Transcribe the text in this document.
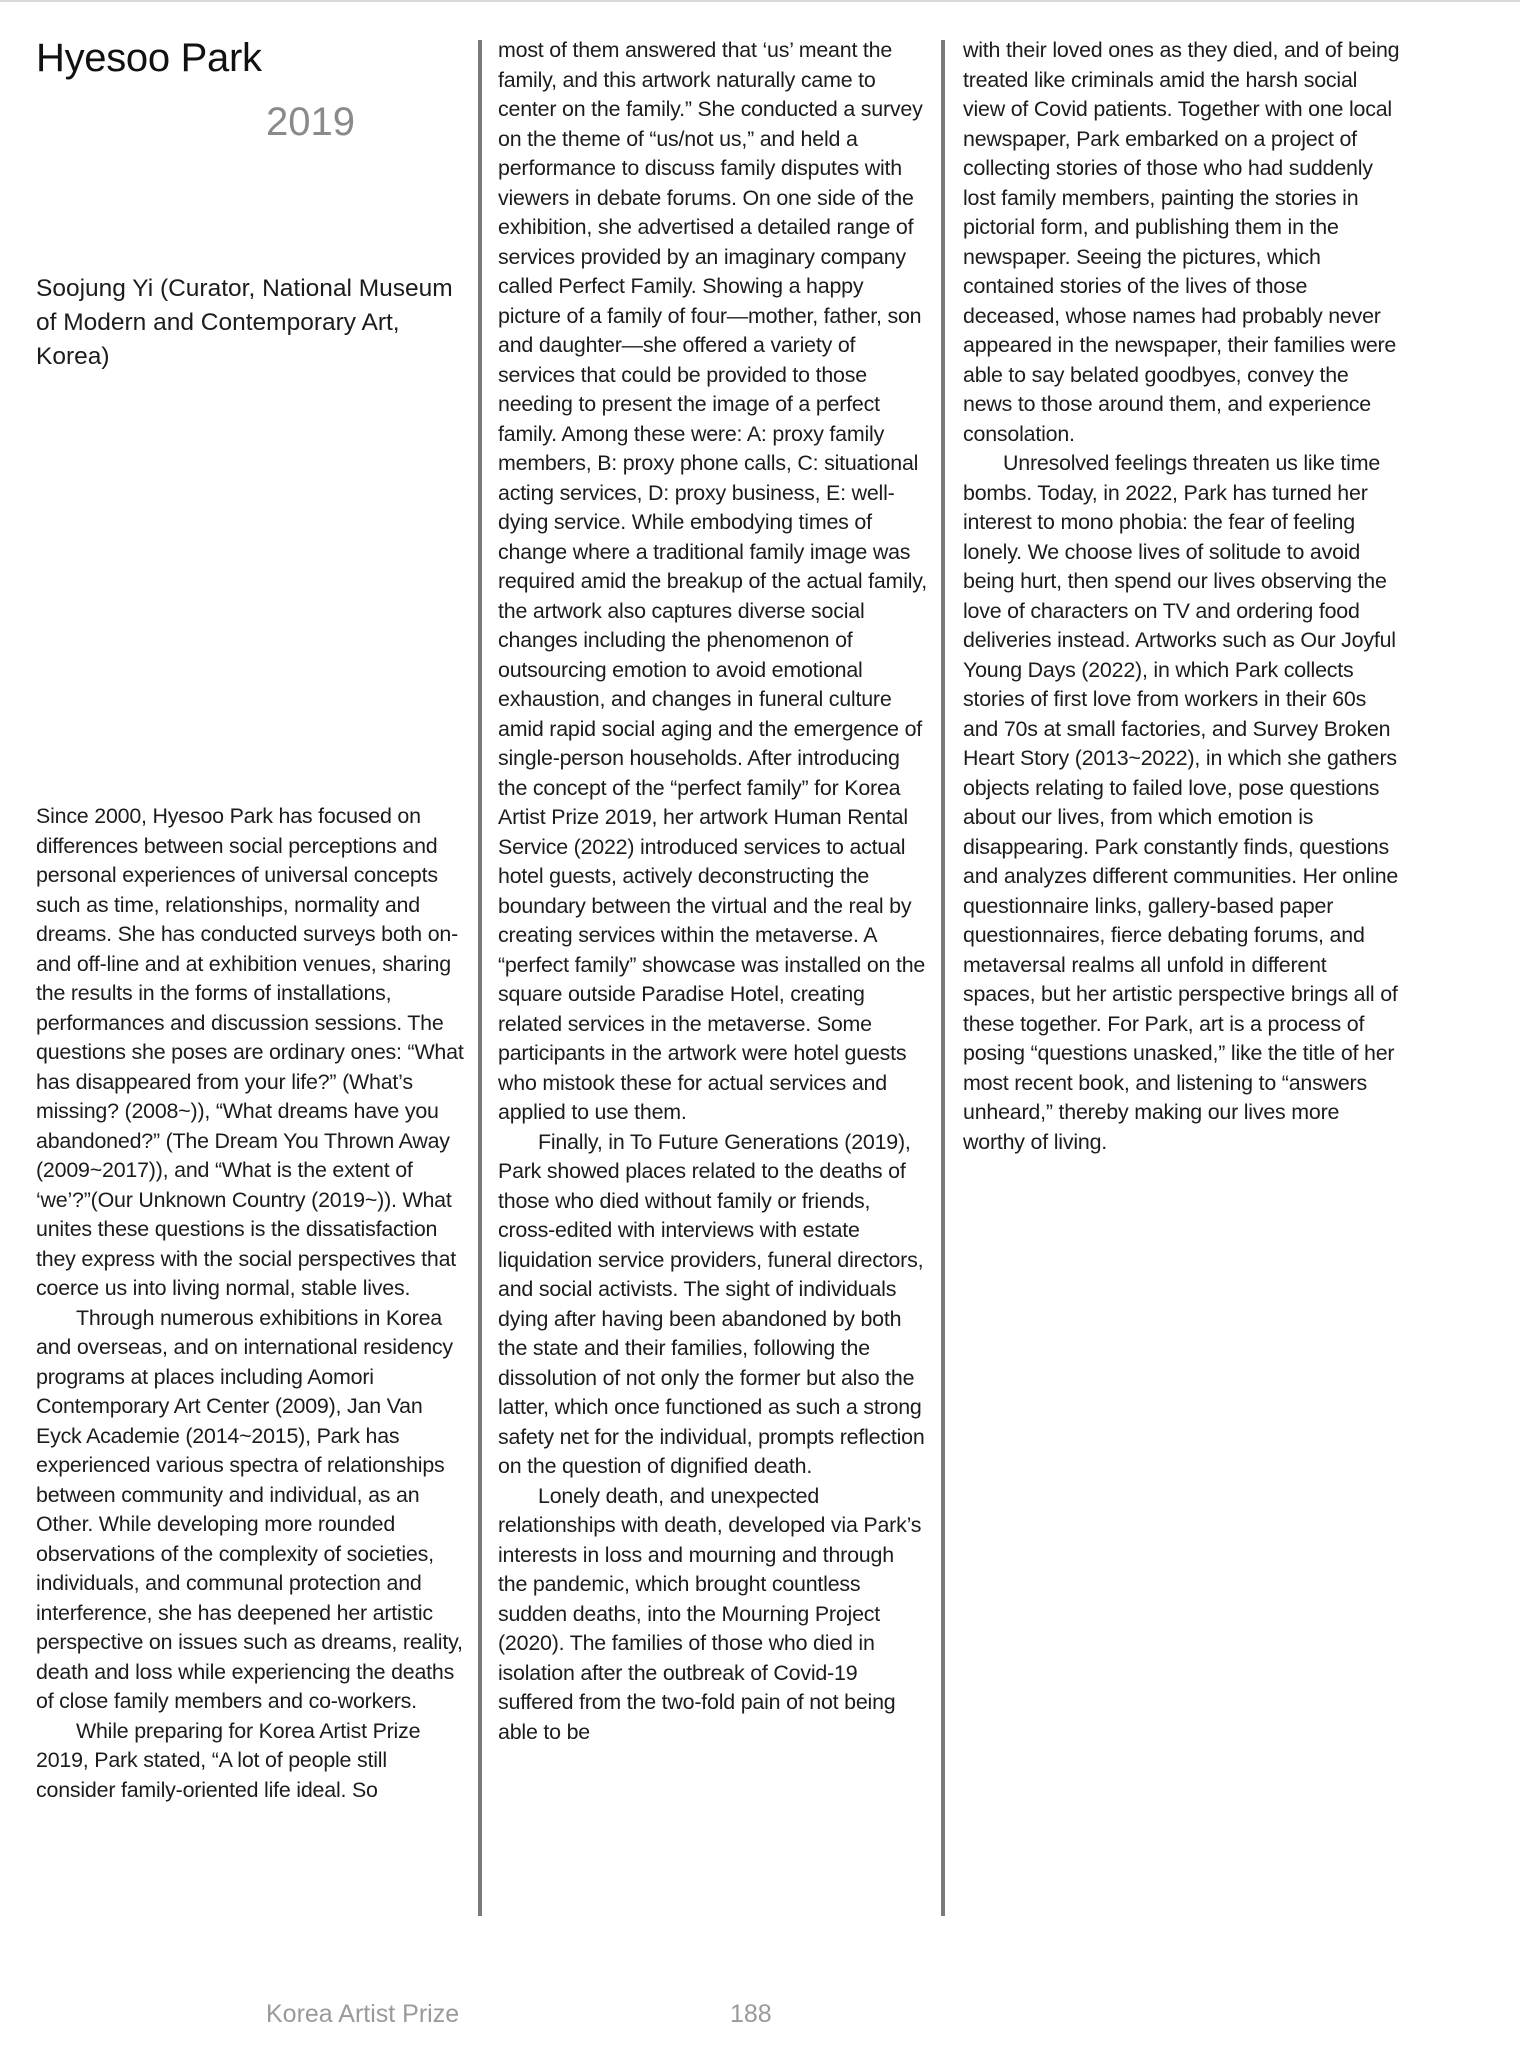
Hyesoo Park
2019

Soojung Yi (Curator, National Museum of Modern and Contemporary Art, Korea)

Since 2000, Hyesoo Park has focused on differences between social perceptions and personal experiences of universal concepts such as time, relationships, normality and dreams. She has conducted surveys both on- and off-line and at exhibition venues, sharing the results in the forms of installations, performances and discussion sessions. The questions she poses are ordinary ones: “What has disappeared from your life?” (What’s missing? (2008~)), “What dreams have you abandoned?” (The Dream You Thrown Away (2009~2017)), and “What is the extent of ‘we’?”(Our Unknown Country (2019~)). What unites these questions is the dissatisfaction they express with the social perspectives that coerce us into living normal, stable lives.

Through numerous exhibitions in Korea and overseas, and on international residency programs at places including Aomori Contemporary Art Center (2009), Jan Van Eyck Academie (2014~2015), Park has experienced various spectra of relationships between community and individual, as an Other. While developing more rounded observations of the complexity of societies, individuals, and communal protection and interference, she has deepened her artistic perspective on issues such as dreams, reality, death and loss while experiencing the deaths of close family members and co-workers.

While preparing for Korea Artist Prize 2019, Park stated, “A lot of people still consider family-oriented life ideal. So

most of them answered that ‘us’ meant the family, and this artwork naturally came to center on the family.” She conducted a survey on the theme of “us/not us,” and held a performance to discuss family disputes with viewers in debate forums. On one side of the exhibition, she advertised a detailed range of services provided by an imaginary company called Perfect Family. Showing a happy picture of a family of four—mother, father, son and daughter—she offered a variety of services that could be provided to those needing to present the image of a perfect family. Among these were: A: proxy family members, B: proxy phone calls, C: situational acting services, D: proxy business, E: well-dying service. While embodying times of change where a traditional family image was required amid the breakup of the actual family, the artwork also captures diverse social changes including the phenomenon of outsourcing emotion to avoid emotional exhaustion, and changes in funeral culture amid rapid social aging and the emergence of single-person households. After introducing the concept of the “perfect family” for Korea Artist Prize 2019, her artwork Human Rental Service (2022) introduced services to actual hotel guests, actively deconstructing the boundary between the virtual and the real by creating services within the metaverse. A “perfect family” showcase was installed on the square outside Paradise Hotel, creating related services in the metaverse. Some participants in the artwork were hotel guests who mistook these for actual services and applied to use them.

Finally, in To Future Generations (2019), Park showed places related to the deaths of those who died without family or friends, cross-edited with interviews with estate liquidation service providers, funeral directors, and social activists. The sight of individuals dying after having been abandoned by both the state and their families, following the dissolution of not only the former but also the latter, which once functioned as such a strong safety net for the individual, prompts reflection on the question of dignified death.

Lonely death, and unexpected relationships with death, developed via Park’s interests in loss and mourning and through the pandemic, which brought countless sudden deaths, into the Mourning Project (2020). The families of those who died in isolation after the outbreak of Covid-19 suffered from the two-fold pain of not being able to be

with their loved ones as they died, and of being treated like criminals amid the harsh social view of Covid patients. Together with one local newspaper, Park embarked on a project of collecting stories of those who had suddenly lost family members, painting the stories in pictorial form, and publishing them in the newspaper. Seeing the pictures, which contained stories of the lives of those deceased, whose names had probably never appeared in the newspaper, their families were able to say belated goodbyes, convey the news to those around them, and experience consolation.

Unresolved feelings threaten us like time bombs. Today, in 2022, Park has turned her interest to mono phobia: the fear of feeling lonely. We choose lives of solitude to avoid being hurt, then spend our lives observing the love of characters on TV and ordering food deliveries instead. Artworks such as Our Joyful Young Days (2022), in which Park collects stories of first love from workers in their 60s and 70s at small factories, and Survey Broken Heart Story (2013~2022), in which she gathers objects relating to failed love, pose questions about our lives, from which emotion is disappearing. Park constantly finds, questions and analyzes different communities. Her online questionnaire links, gallery-based paper questionnaires, fierce debating forums, and metaversal realms all unfold in different spaces, but her artistic perspective brings all of these together. For Park, art is a process of posing “questions unasked,” like the title of her most recent book, and listening to “answers unheard,” thereby making our lives more worthy of living.

Korea Artist Prize	188
